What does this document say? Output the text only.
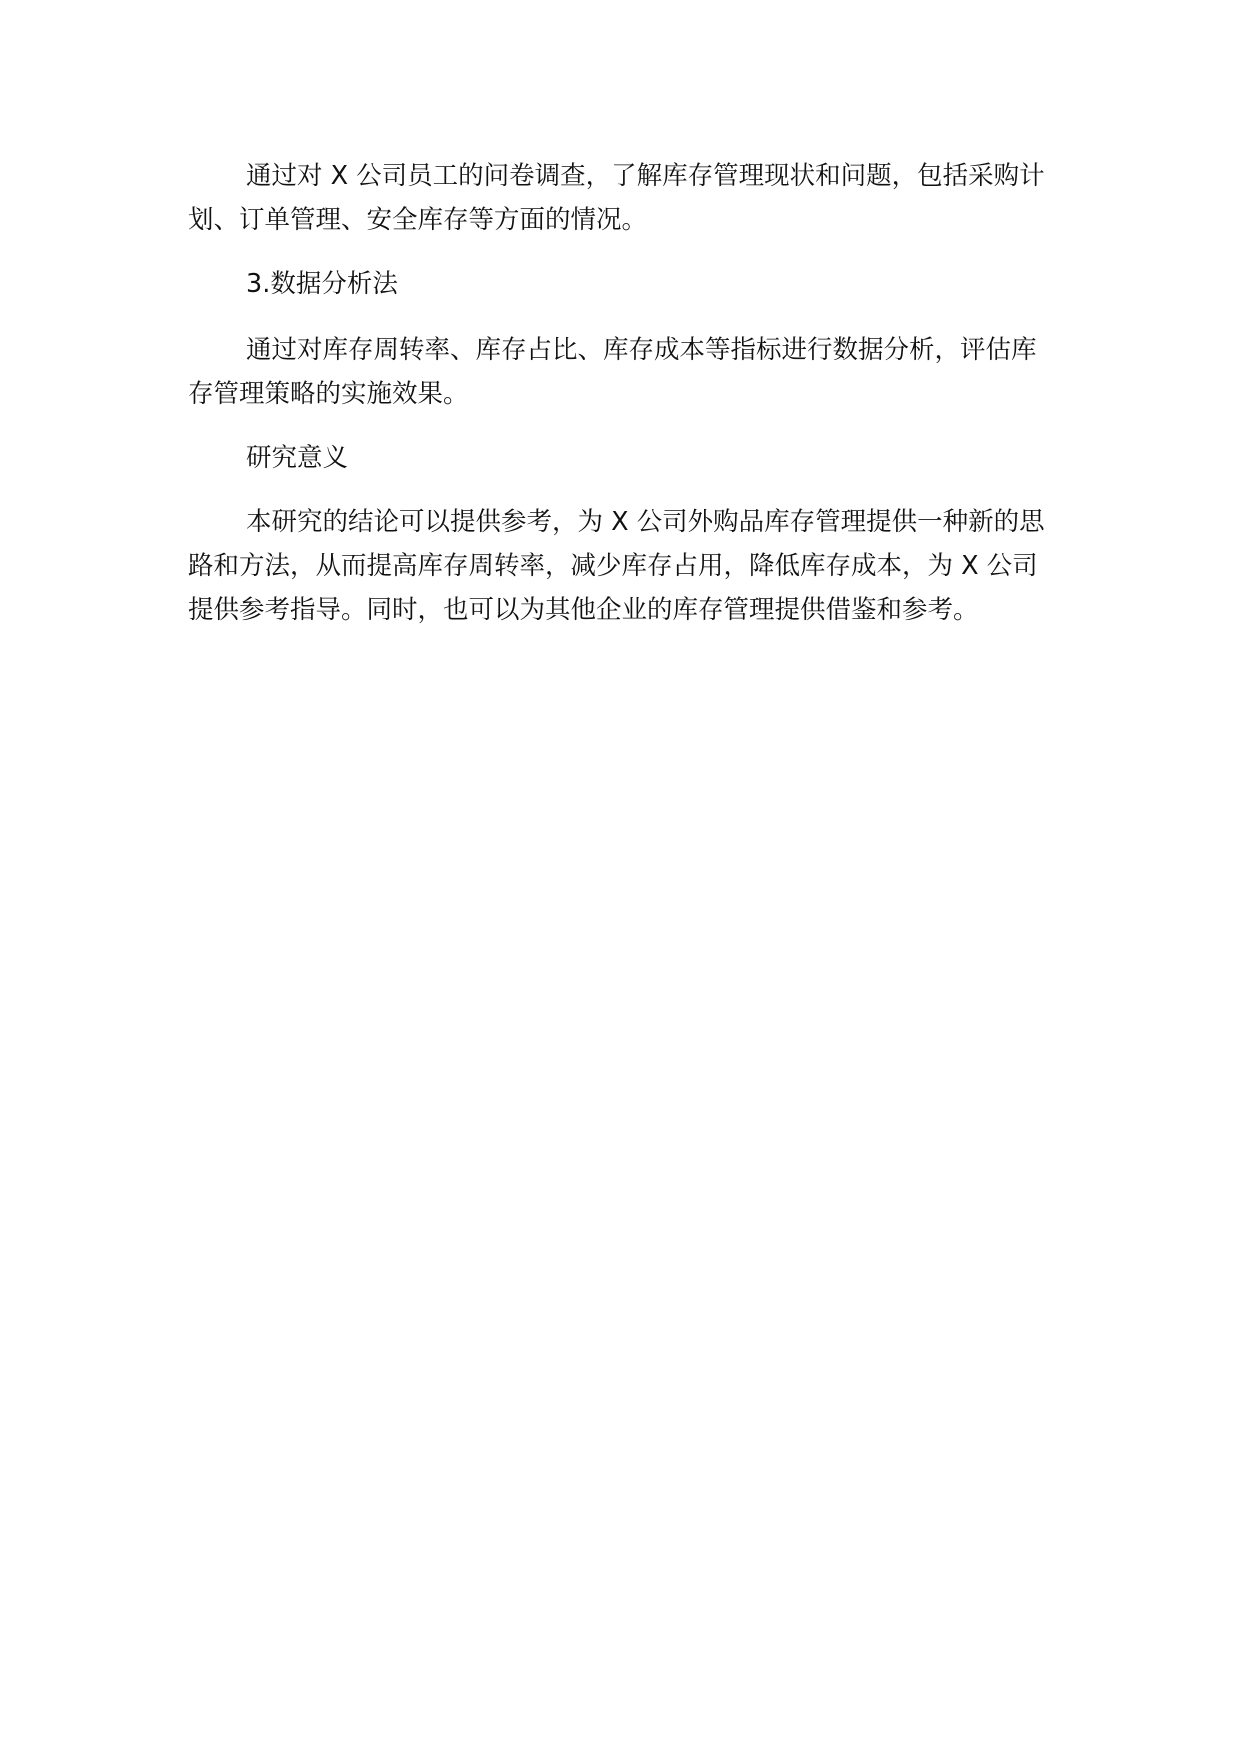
通过对 X 公司员工的问卷调查，了解库存管理现状和问题，包括采购计划、订单管理、安全库存等方面的情况。

3.数据分析法

通过对库存周转率、库存占比、库存成本等指标进行数据分析，评估库存管理策略的实施效果。

研究意义

本研究的结论可以提供参考，为 X 公司外购品库存管理提供一种新的思路和方法，从而提高库存周转率，减少库存占用，降低库存成本，为 X 公司提供参考指导。同时，也可以为其他企业的库存管理提供借鉴和参考。
